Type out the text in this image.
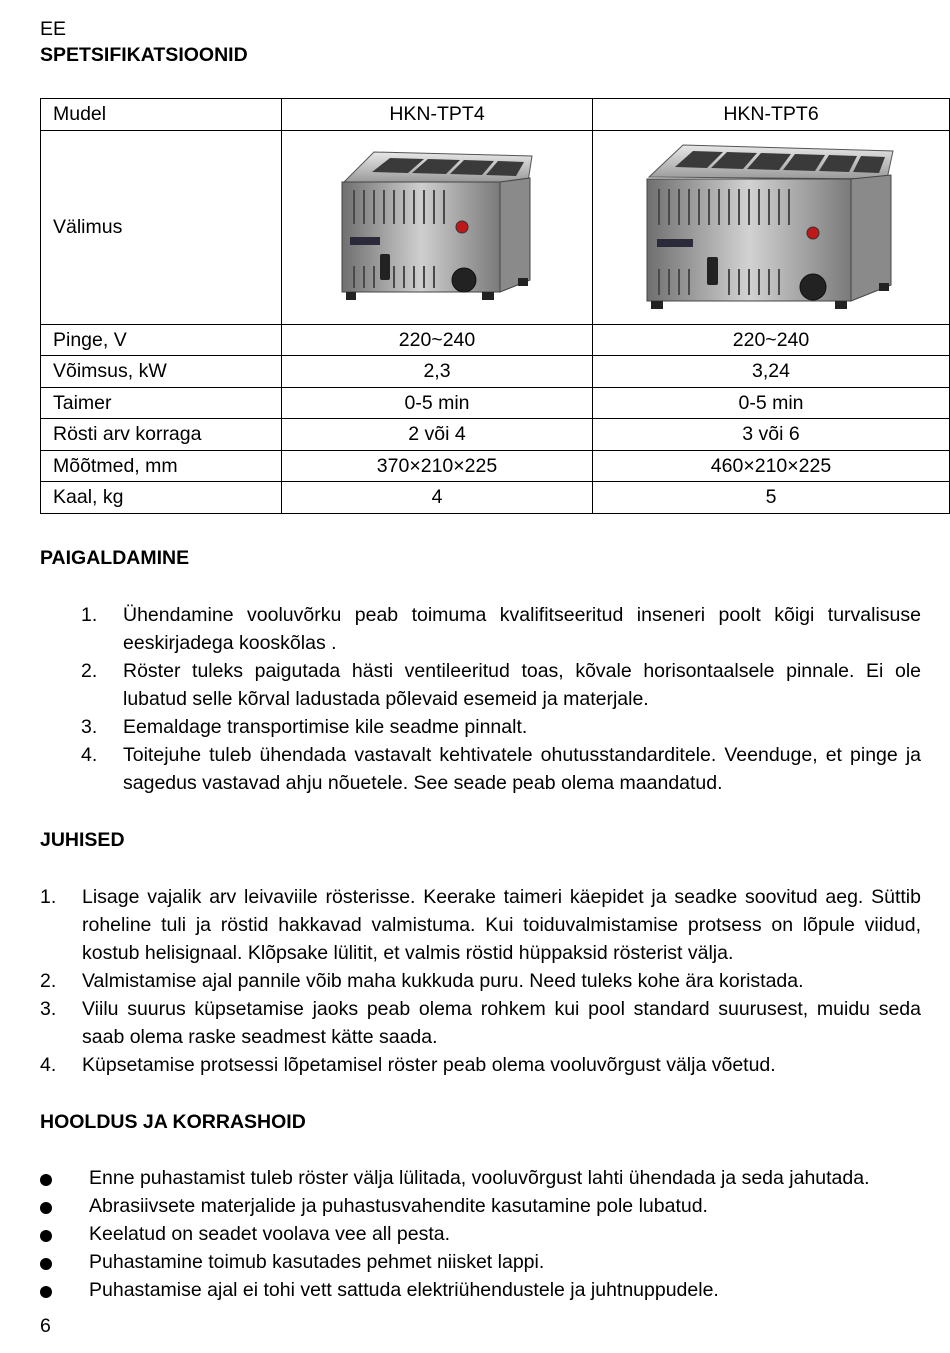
EE
SPETSIFIKATSIOONID
Mudel	HKN-TPT4	HKN-TPT6
Välimus	

Pinge, V	220~240	220~240
Võimsus, kW	2,3	3,24
Taimer	0-5 min	0-5 min
Rösti arv korraga	2 või 4	3 või 6
Mõõtmed, mm	370×210×225	460×210×225
Kaal, kg	4	5
PAIGALDAMINE
1. Ühendamine vooluvõrku peab toimuma kvalifitseeritud inseneri poolt kõigi turvalisuse eeskirjadega kooskõlas .
2. Röster tuleks paigutada hästi ventileeritud toas, kõvale horisontaalsele pinnale. Ei ole lubatud selle kõrval ladustada põlevaid esemeid ja materjale.
3. Eemaldage transportimise kile seadme pinnalt.
4. Toitejuhe tuleb ühendada vastavalt kehtivatele ohutusstandarditele. Veenduge, et pinge ja sagedus vastavad ahju nõuetele. See seade peab olema maandatud.
JUHISED
1. Lisage vajalik arv leivaviile rösterisse. Keerake taimeri käepidet ja seadke soovitud aeg. Süttib roheline tuli ja röstid hakkavad valmistuma. Kui toiduvalmistamise protsess on lõpule viidud, kostub helisignaal. Klõpsake lülitit, et valmis röstid hüppaksid rösterist välja.
2. Valmistamise ajal pannile võib maha kukkuda puru. Need tuleks kohe ära koristada.
3. Viilu suurus küpsetamise jaoks peab olema rohkem kui pool standard suurusest, muidu seda saab olema raske seadmest kätte saada.
4. Küpsetamise protsessi lõpetamisel röster peab olema vooluvõrgust välja võetud.
HOOLDUS JA KORRASHOID
Enne puhastamist tuleb röster välja lülitada, vooluvõrgust lahti ühendada ja seda jahutada.
Abrasiivsete materjalide ja puhastusvahendite kasutamine pole lubatud.
Keelatud on seadet voolava vee all pesta.
Puhastamine toimub kasutades pehmet niisket lappi.
Puhastamise ajal ei tohi vett sattuda elektriühendustele ja juhtnuppudele.
6
